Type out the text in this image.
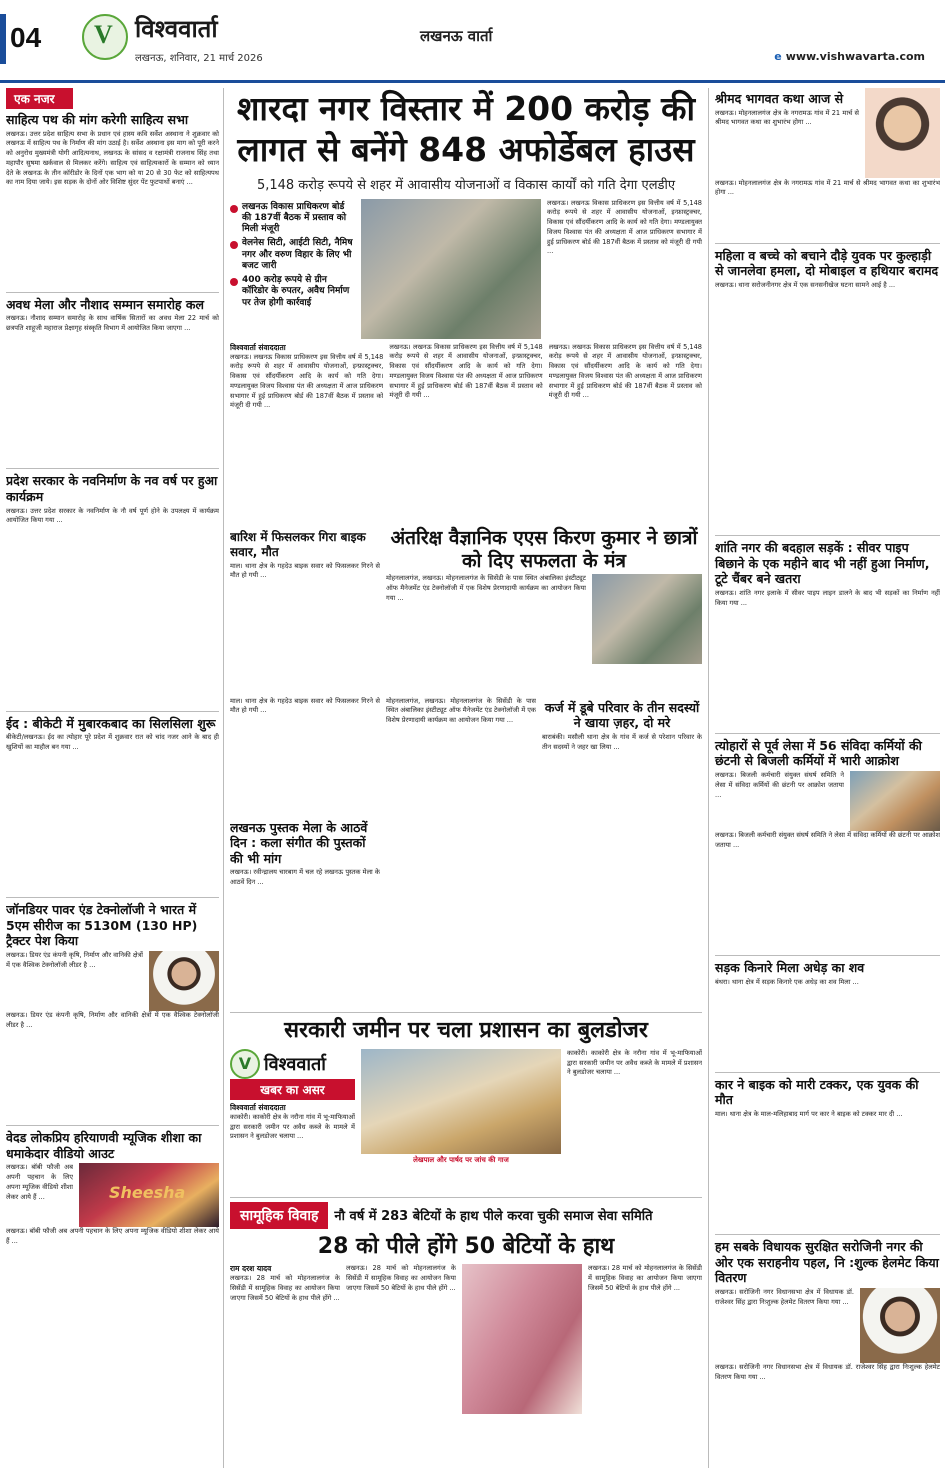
04 V विश्ववार्ता
लखनऊ, शनिवार, 21 मार्च 2026
लखनऊ वार्ता
e www.vishwavarta.com
एक नजर
साहित्य पथ की मांग करेगी साहित्य सभा
लखनऊ। उत्तर प्रदेश साहित्य सभा के प्रधान एवं हास्य कवि सर्वेश अस्थाना ने शुक्रवार को लखनऊ में साहित्य पथ के निर्माण की मांग उठाई है। सर्वेश अस्थाना इस माग को पूरी करने को अनुरोध मुख्यमंत्री योगी आदित्यनाथ, लखनऊ के सांसद व रक्षामंत्री राजनाथ सिंह तथा महापौर सुषमा खर्कवाल से मिलकर करेंगे। साहित्य एवं साहित्यकारों के सम्मान को ध्यान देते के लखनऊ के तीन कॉरीडोर के दिनों एक भाग को या 20 से 30 फेट को साहित्यपथ का नाम दिया जाये। इस सड़क के दोनों ओर विशिष्ट सुंदर पेंट फुटपाथों बनाएं ...
अवध मेला और नौशाद सम्मान समारोह कल
लखनऊ। नौशाद सम्मान समारोह के साथ वार्षिक सितारों का अवध मेला 22 मार्च को छत्रपति शाहूजी महाराज प्रेक्षागृह संस्कृति विभाग में आयोजित किया जाएगा ...
प्रदेश सरकार के नवनिर्माण के नव वर्ष पर हुआ कार्यक्रम
लखनऊ। उत्तर प्रदेश सरकार के नवनिर्माण के नौ वर्ष पूर्ण होने के उपलक्ष्य में कार्यक्रम आयोजित किया गया ...
ईद : बीकेटी में मुबारकबाद का सिलसिला शुरू
बीकेटी/लखनऊ। ईद का त्योहार पूरे प्रदेश में शुक्रवार रात को चांद नजर आने के बाद ही खुशियों का माहौल बन गया ...
जॉनडियर पावर एंड टेक्नोलॉजी ने भारत में 5एम सीरीज का 5130M (130 HP) ट्रैक्टर पेश किया
लखनऊ। डियर एंड कंपनी कृषि, निर्माण और वानिकी क्षेत्रों में एक वैश्विक टेक्नोलॉजी लीडर है ...
लखनऊ। डियर एंड कंपनी कृषि, निर्माण और वानिकी क्षेत्रों में एक वैश्विक टेक्नोलॉजी लीडर है ...
वेदड लोकप्रिय हरियाणवी म्यूजिक शीशा का धमाकेदार वीडियो आउट
लखनऊ। बॉबी फौजी अब अपनी पहचान के लिए अपना म्यूजिक वीडियो शीशा लेकर आये हैं ...	Sheesha
लखनऊ। बॉबी फौजी अब अपनी पहचान के लिए अपना म्यूजिक वीडियो शीशा लेकर आये हैं ...
शारदा नगर विस्तार में 200 करोड़ की लागत से बनेंगे 848 अफोर्डेबल हाउस
5,148 करोड़ रूपये से शहर में आवासीय योजनाओं व विकास कार्यों को गति देगा एलडीए
लखनऊ विकास प्राधिकरण बोर्ड की 187वीं बैठक में प्रस्ताव को मिली मंजूरी
वेलनेस सिटी, आईटी सिटी, नैमिष नगर और वरुण विहार के लिए भी बजट जारी
400 करोड़ रूपये से ग्रीन कॉरिडोर के रुपतर, अवैध निर्माण पर तेज होगी कार्रवाई
लखनऊ। लखनऊ विकास प्राधिकरण इस वित्तीय वर्ष में 5,148 करोड़ रूपये से शहर में आवासीय योजनाओं, इन्फ्रास्ट्रक्चर, विकास एवं सौंदर्यीकरण आदि के कार्य को गति देगा। मण्डलायुक्त विजय विश्वास पंत की अध्यक्षता में आज प्राधिकरण सभागार में हुई प्राधिकरण बोर्ड की 187वीं बैठक में प्रस्ताव को मंजूरी दी गयी ...
विश्ववार्ता संवाददाता
लखनऊ। लखनऊ विकास प्राधिकरण इस वित्तीय वर्ष में 5,148 करोड़ रूपये से शहर में आवासीय योजनाओं, इन्फ्रास्ट्रक्चर, विकास एवं सौंदर्यीकरण आदि के कार्य को गति देगा। मण्डलायुक्त विजय विश्वास पंत की अध्यक्षता में आज प्राधिकरण सभागार में हुई प्राधिकरण बोर्ड की 187वीं बैठक में प्रस्ताव को मंजूरी दी गयी ...
लखनऊ। लखनऊ विकास प्राधिकरण इस वित्तीय वर्ष में 5,148 करोड़ रूपये से शहर में आवासीय योजनाओं, इन्फ्रास्ट्रक्चर, विकास एवं सौंदर्यीकरण आदि के कार्य को गति देगा। मण्डलायुक्त विजय विश्वास पंत की अध्यक्षता में आज प्राधिकरण सभागार में हुई प्राधिकरण बोर्ड की 187वीं बैठक में प्रस्ताव को मंजूरी दी गयी ...
लखनऊ। लखनऊ विकास प्राधिकरण इस वित्तीय वर्ष में 5,148 करोड़ रूपये से शहर में आवासीय योजनाओं, इन्फ्रास्ट्रक्चर, विकास एवं सौंदर्यीकरण आदि के कार्य को गति देगा। मण्डलायुक्त विजय विश्वास पंत की अध्यक्षता में आज प्राधिकरण सभागार में हुई प्राधिकरण बोर्ड की 187वीं बैठक में प्रस्ताव को मंजूरी दी गयी ...
बारिश में फिसलकर गिरा बाइक सवार, मौत
माल। थाना क्षेत्र के गहदेउ बाइक सवार को फिसलकर गिरने से मौत हो गयी ...
अंतरिक्ष वैज्ञानिक एएस किरण कुमार ने छात्रों को दिए सफलता के मंत्र
मोहनलालगंज, लखनऊ। मोहनलालगंज के सिसेंडी के पास स्थित अंबालिका इंस्टीट्यूट ऑफ मैनेजमेंट एंड टेक्नोलॉजी में एक विशेष प्रेरणादायी कार्यक्रम का आयोजन किया गया ...
माल। थाना क्षेत्र के गहदेउ बाइक सवार को फिसलकर गिरने से मौत हो गयी ...
लखनऊ पुस्तक मेला के आठवें दिन : कला संगीत की पुस्तकों की भी मांग
लखनऊ। रवीन्द्रालय चारबाग में चल रहे लखनऊ पुस्तक मेला के आठवें दिन ...
मोहनलालगंज, लखनऊ। मोहनलालगंज के सिसेंडी के पास स्थित अंबालिका इंस्टीट्यूट ऑफ मैनेजमेंट एंड टेक्नोलॉजी में एक विशेष प्रेरणादायी कार्यक्रम का आयोजन किया गया ...
कर्ज में डूबे परिवार के तीन सदस्यों ने खाया ज़हर, दो मरे
बाराबंकी। मसौली थाना क्षेत्र के गांव में कर्ज से परेशान परिवार के तीन सदस्यों ने जहर खा लिया ...
सरकारी जमीन पर चला प्रशासन का बुलडोजर
V विश्ववार्ता
खबर का असर
विश्ववार्ता संवाददाता
काकोरी। काकोरी क्षेत्र के नरौना गांव में भू-माफियाओं द्वारा सरकारी जमीन पर अवैध कब्जे के मामले में प्रशासन ने बुलडोजर चलाया ...
लेखपाल और पार्षद पर जांच की गाज
काकोरी। काकोरी क्षेत्र के नरौना गांव में भू-माफियाओं द्वारा सरकारी जमीन पर अवैध कब्जे के मामले में प्रशासन ने बुलडोजर चलाया ...
सामूहिक विवाह	नौ वर्ष में 283 बेटियों के हाथ पीले करवा चुकी समाज सेवा समिति
28 को पीले होंगे 50 बेटियों के हाथ
राम दरश यादव
लखनऊ। 28 मार्च को मोहनलालगंज के सिसेंडी में सामूहिक विवाह का आयोजन किया जाएगा जिसमें 50 बेटियों के हाथ पीले होंगे ...
लखनऊ। 28 मार्च को मोहनलालगंज के सिसेंडी में सामूहिक विवाह का आयोजन किया जाएगा जिसमें 50 बेटियों के हाथ पीले होंगे ...
लखनऊ। 28 मार्च को मोहनलालगंज के सिसेंडी में सामूहिक विवाह का आयोजन किया जाएगा जिसमें 50 बेटियों के हाथ पीले होंगे ...
श्रीमद भागवत कथा आज से
लखनऊ। मोहनलालगंज क्षेत्र के नगरामऊ गांव में 21 मार्च से श्रीमद भागवत कथा का शुभारंभ होगा ...
लखनऊ। मोहनलालगंज क्षेत्र के नगरामऊ गांव में 21 मार्च से श्रीमद भागवत कथा का शुभारंभ होगा ...
महिला व बच्चे को बचाने दौड़े युवक पर कुल्हाड़ी से जानलेवा हमला, दो मोबाइल व हथियार बरामद
लखनऊ। थाना सरोजनीनगर क्षेत्र में एक सनसनीखेज घटना सामने आई है ...
शांति नगर की बदहाल सड़कें : सीवर पाइप बिछाने के एक महीने बाद भी नहीं हुआ निर्माण, टूटे चैंबर बने खतरा
लखनऊ। शांति नगर इलाके में सीवर पाइप लाइन डालने के बाद भी सड़कों का निर्माण नहीं किया गया ...
त्योहारों से पूर्व लेसा में 56 संविदा कर्मियों की छंटनी से बिजली कर्मियों में भारी आक्रोश
लखनऊ। बिजली कर्मचारी संयुक्त संघर्ष समिति ने लेसा में संविदा कर्मियों की छंटनी पर आक्रोश जताया ...
लखनऊ। बिजली कर्मचारी संयुक्त संघर्ष समिति ने लेसा में संविदा कर्मियों की छंटनी पर आक्रोश जताया ...
सड़क किनारे मिला अधेड़ का शव
बंथरा। थाना क्षेत्र में सड़क किनारे एक अधेड़ का शव मिला ...
कार ने बाइक को मारी टक्कर, एक युवक की मौत
माल। थाना क्षेत्र के माल-मलिहाबाद मार्ग पर कार ने बाइक को टक्कर मार दी ...
हम सबके विधायक सुरक्षित सरोजिनी नगर की ओर एक सराहनीय पहल, नि :शुल्क हेलमेट किया वितरण
लखनऊ। सरोजिनी नगर विधानसभा क्षेत्र में विधायक डॉ. राजेश्वर सिंह द्वारा निःशुल्क हेलमेट वितरण किया गया ...
लखनऊ। सरोजिनी नगर विधानसभा क्षेत्र में विधायक डॉ. राजेश्वर सिंह द्वारा निःशुल्क हेलमेट वितरण किया गया ...
